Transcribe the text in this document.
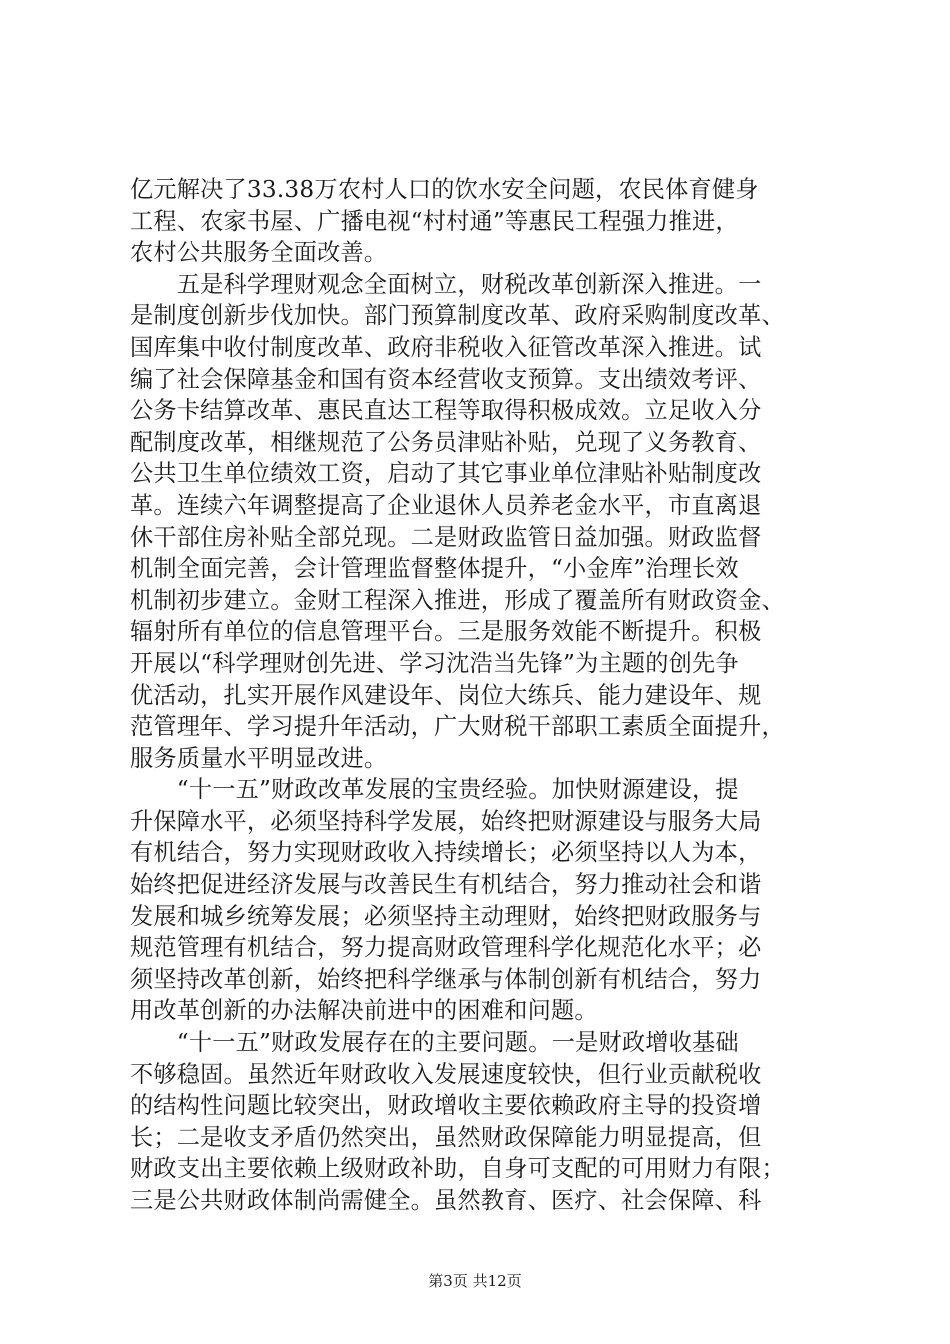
亿元解决了33.38万农村人口的饮水安全问题，农民体育健身
工程、农家书屋、广播电视“村村通”等惠民工程强力推进，
农村公共服务全面改善。
　　五是科学理财观念全面树立，财税改革创新深入推进。一
是制度创新步伐加快。部门预算制度改革、政府采购制度改革、
国库集中收付制度改革、政府非税收入征管改革深入推进。试
编了社会保障基金和国有资本经营收支预算。支出绩效考评、
公务卡结算改革、惠民直达工程等取得积极成效。立足收入分
配制度改革，相继规范了公务员津贴补贴，兑现了义务教育、
公共卫生单位绩效工资，启动了其它事业单位津贴补贴制度改
革。连续六年调整提高了企业退休人员养老金水平，市直离退
休干部住房补贴全部兑现。二是财政监管日益加强。财政监督
机制全面完善，会计管理监督整体提升，“小金库”治理长效
机制初步建立。金财工程深入推进，形成了覆盖所有财政资金、
辐射所有单位的信息管理平台。三是服务效能不断提升。积极
开展以“科学理财创先进、学习沈浩当先锋”为主题的创先争
优活动，扎实开展作风建设年、岗位大练兵、能力建设年、规
范管理年、学习提升年活动，广大财税干部职工素质全面提升，
服务质量水平明显改进。
　　“十一五”财政改革发展的宝贵经验。加快财源建设，提
升保障水平，必须坚持科学发展，始终把财源建设与服务大局
有机结合，努力实现财政收入持续增长；必须坚持以人为本，
始终把促进经济发展与改善民生有机结合，努力推动社会和谐
发展和城乡统筹发展；必须坚持主动理财，始终把财政服务与
规范管理有机结合，努力提高财政管理科学化规范化水平；必
须坚持改革创新，始终把科学继承与体制创新有机结合，努力
用改革创新的办法解决前进中的困难和问题。
　　“十一五”财政发展存在的主要问题。一是财政增收基础
不够稳固。虽然近年财政收入发展速度较快，但行业贡献税收
的结构性问题比较突出，财政增收主要依赖政府主导的投资增
长；二是收支矛盾仍然突出，虽然财政保障能力明显提高，但
财政支出主要依赖上级财政补助，自身可支配的可用财力有限；
三是公共财政体制尚需健全。虽然教育、医疗、社会保障、科
第3页 共12页
